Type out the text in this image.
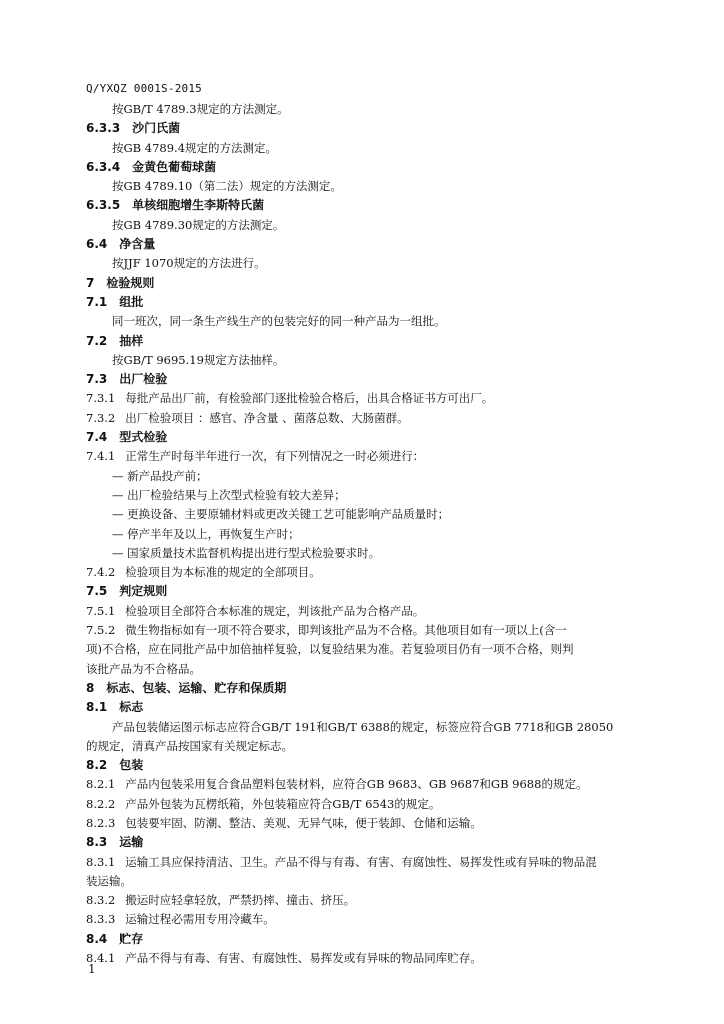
Q/YXQZ 0001S-2015
按GB/T 4789.3规定的方法测定。
6.3.3 沙门氏菌
按GB 4789.4规定的方法测定。
6.3.4 金黄色葡萄球菌
按GB 4789.10（第二法）规定的方法测定。
6.3.5 单核细胞增生李斯特氏菌
按GB 4789.30规定的方法测定。
6.4 净含量
按JJF 1070规定的方法进行。
7 检验规则
7.1 组批
同一班次，同一条生产线生产的包装完好的同一种产品为一组批。
7.2 抽样
按GB/T 9695.19规定方法抽样。
7.3 出厂检验
7.3.1 每批产品出厂前，有检验部门逐批检验合格后，出具合格证书方可出厂。
7.3.2 出厂检验项目 ：感官、净含量 、菌落总数、大肠菌群。
7.4 型式检验
7.4.1 正常生产时每半年进行一次，有下列情况之一时必须进行：
— 新产品投产前；
— 出厂检验结果与上次型式检验有较大差异；
— 更换设备、主要原辅材料或更改关键工艺可能影响产品质量时；
— 停产半年及以上，再恢复生产时；
— 国家质量技术监督机构提出进行型式检验要求时。
7.4.2 检验项目为本标准的规定的全部项目。
7.5 判定规则
7.5.1 检验项目全部符合本标准的规定，判该批产品为合格产品。
7.5.2 微生物指标如有一项不符合要求，即判该批产品为不合格。其他项目如有一项以上(含一
项)不合格，应在同批产品中加倍抽样复验，以复验结果为准。若复验项目仍有一项不合格，则判
该批产品为不合格品。
8 标志、包装、运输、贮存和保质期
8.1 标志
产品包装储运图示标志应符合GB/T 191和GB/T 6388的规定，标签应符合GB 7718和GB 28050
的规定，清真产品按国家有关规定标志。
8.2 包装
8.2.1 产品内包装采用复合食品塑料包装材料，应符合GB 9683、GB 9687和GB 9688的规定。
8.2.2 产品外包装为瓦楞纸箱，外包装箱应符合GB/T 6543的规定。
8.2.3 包装要牢固、防潮、整洁、美观、无异气味，便于装卸、仓储和运输。
8.3 运输
8.3.1 运输工具应保持清洁、卫生。产品不得与有毒、有害、有腐蚀性、易挥发性或有异味的物品混
装运输。
8.3.2 搬运时应轻拿轻放，严禁扔摔、撞击、挤压。
8.3.3 运输过程必需用专用冷藏车。
8.4 贮存
8.4.1 产品不得与有毒、有害、有腐蚀性、易挥发或有异味的物品同库贮存。
1
